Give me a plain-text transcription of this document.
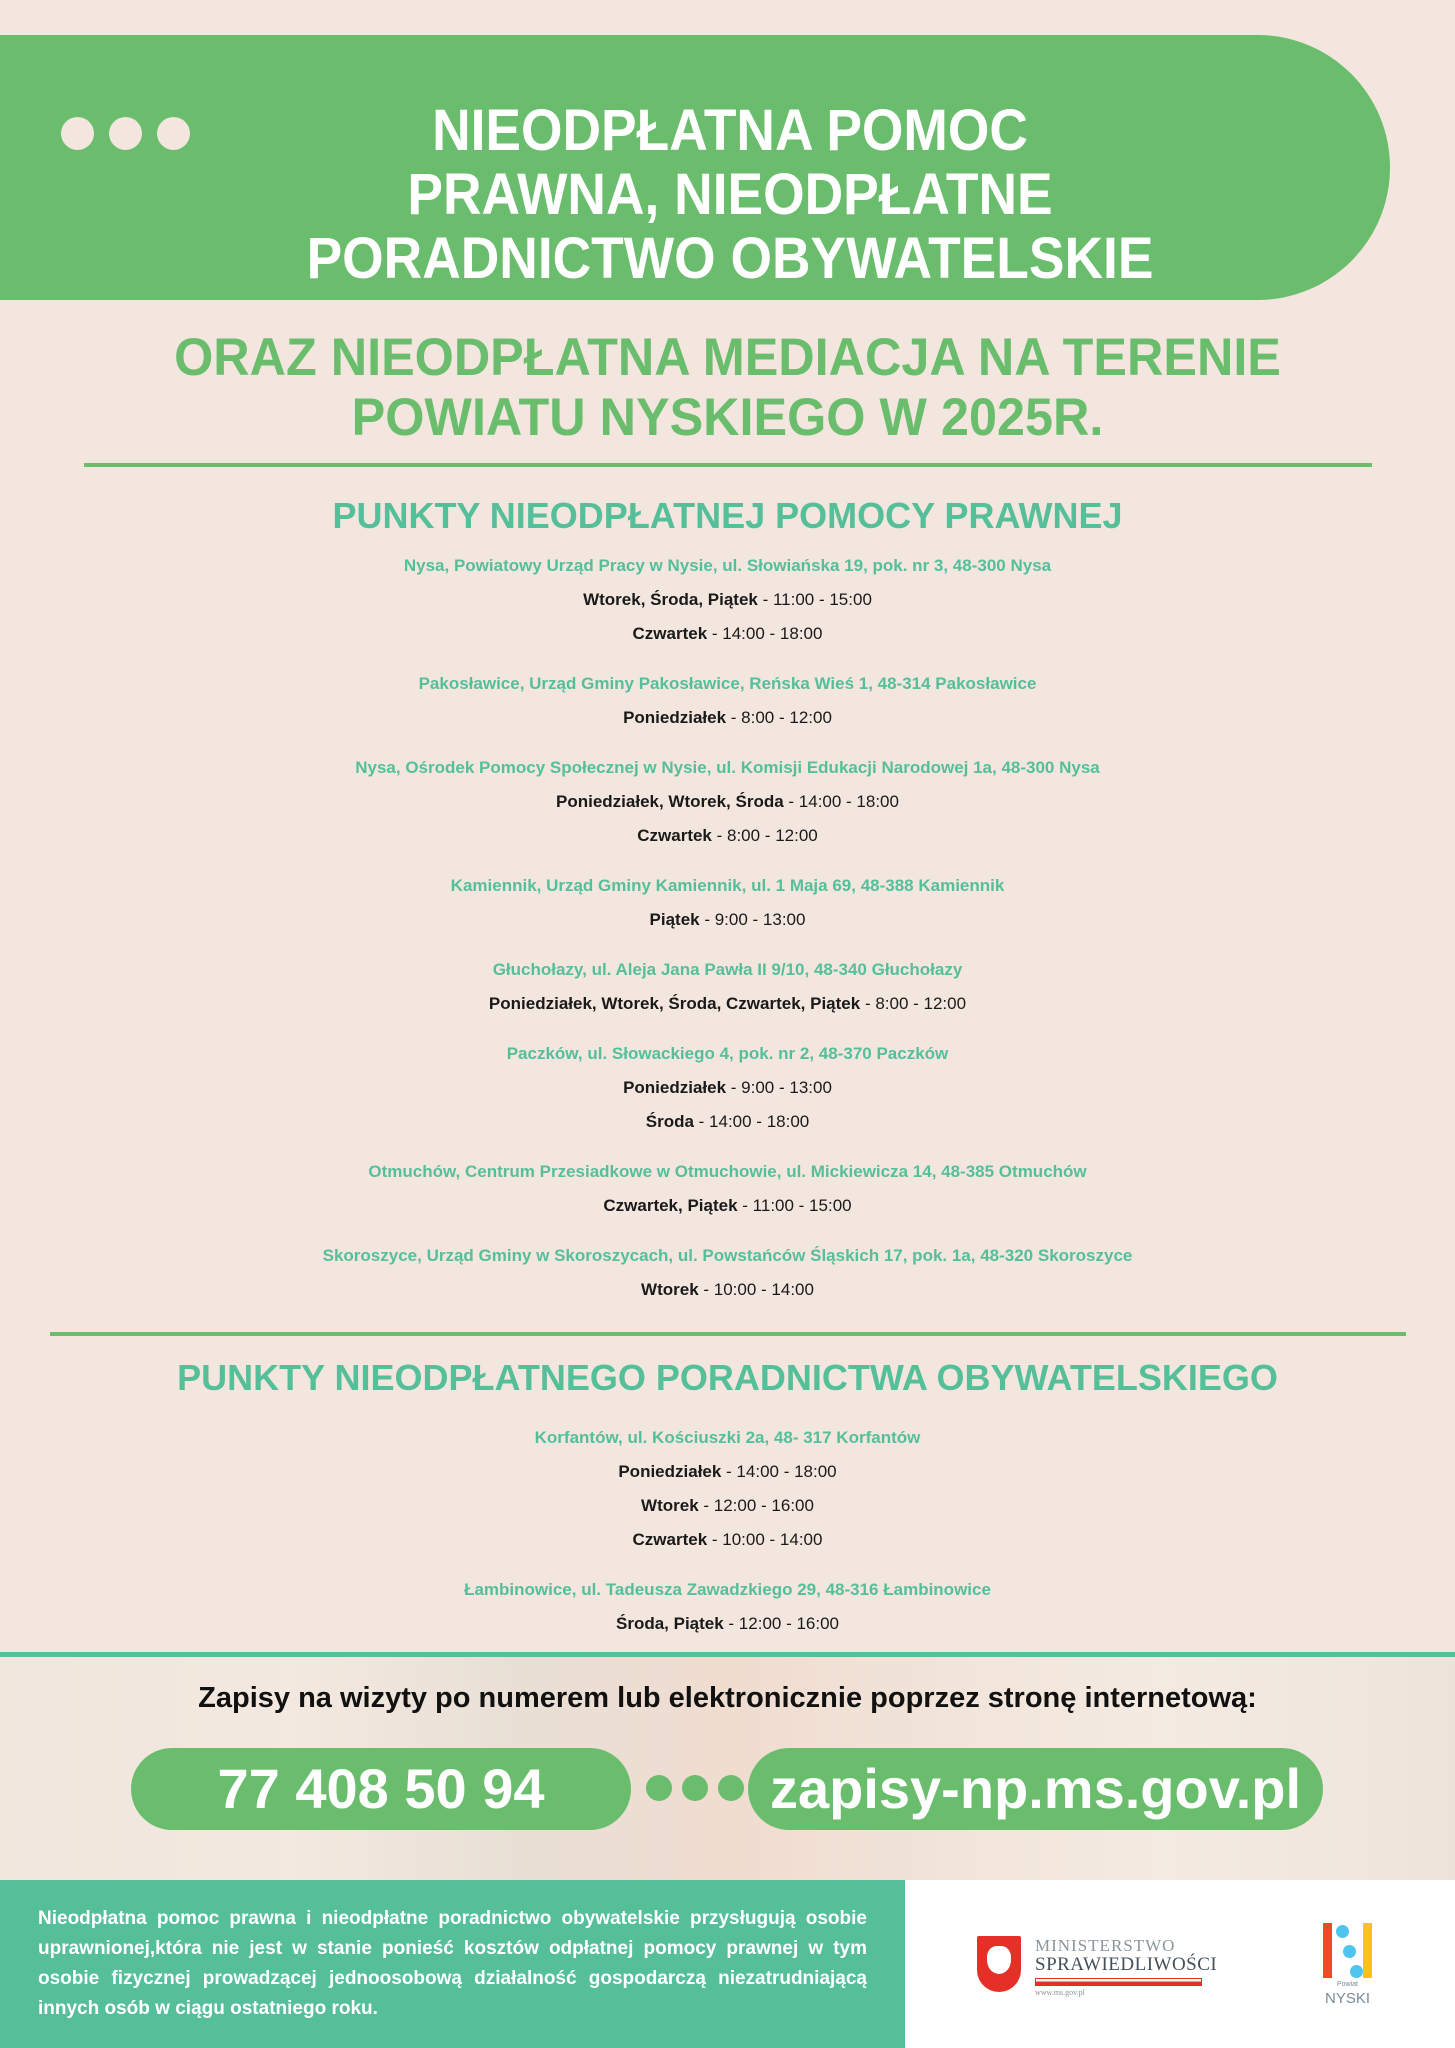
NIEODPŁATNA POMOC
PRAWNA, NIEODPŁATNE
PORADNICTWO OBYWATELSKIE
ORAZ NIEODPŁATNA MEDIACJA NA TERENIE
POWIATU NYSKIEGO W 2025R.
PUNKTY NIEODPŁATNEJ POMOCY PRAWNEJ
Nysa, Powiatowy Urząd Pracy w Nysie, ul. Słowiańska 19, pok. nr 3, 48-300 Nysa
Wtorek, Środa, Piątek - 11:00 - 15:00
Czwartek - 14:00 - 18:00
Pakosławice, Urząd Gminy Pakosławice, Reńska Wieś 1, 48-314 Pakosławice
Poniedziałek - 8:00 - 12:00
Nysa, Ośrodek Pomocy Społecznej w Nysie, ul. Komisji Edukacji Narodowej 1a, 48-300 Nysa
Poniedziałek, Wtorek, Środa - 14:00 - 18:00
Czwartek - 8:00 - 12:00
Kamiennik, Urząd Gminy Kamiennik, ul. 1 Maja 69, 48-388 Kamiennik
Piątek - 9:00 - 13:00
Głuchołazy, ul. Aleja Jana Pawła II 9/10, 48-340 Głuchołazy
Poniedziałek, Wtorek, Środa, Czwartek, Piątek - 8:00 - 12:00
Paczków, ul. Słowackiego 4, pok. nr 2, 48-370 Paczków
Poniedziałek - 9:00 - 13:00
Środa - 14:00 - 18:00
Otmuchów, Centrum Przesiadkowe w Otmuchowie, ul. Mickiewicza 14, 48-385 Otmuchów
Czwartek, Piątek - 11:00 - 15:00
Skoroszyce, Urząd Gminy w Skoroszycach, ul. Powstańców Śląskich 17, pok. 1a, 48-320 Skoroszyce
Wtorek - 10:00 - 14:00
PUNKTY NIEODPŁATNEGO PORADNICTWA OBYWATELSKIEGO
Korfantów, ul. Kościuszki 2a, 48- 317 Korfantów
Poniedziałek - 14:00 - 18:00
Wtorek - 12:00 - 16:00
Czwartek - 10:00 - 14:00
Łambinowice, ul. Tadeusza Zawadzkiego 29, 48-316 Łambinowice
Środa, Piątek - 12:00 - 16:00
Zapisy na wizyty po numerem lub elektronicznie poprzez stronę internetową:
77 408 50 94	zapisy-np.ms.gov.pl
Nieodpłatna pomoc prawna i nieodpłatne poradnictwo obywatelskie przysługują osobie uprawnionej,która nie jest w stanie ponieść kosztów odpłatnej pomocy prawnej w tym osobie fizycznej prowadzącej jednoosobową działalność gospodarczą niezatrudniającą innych osób w ciągu ostatniego roku.
MINISTERSTWO
SPRAWIEDLIWOŚCI
www.ms.gov.pl
Powiat
NYSKI
